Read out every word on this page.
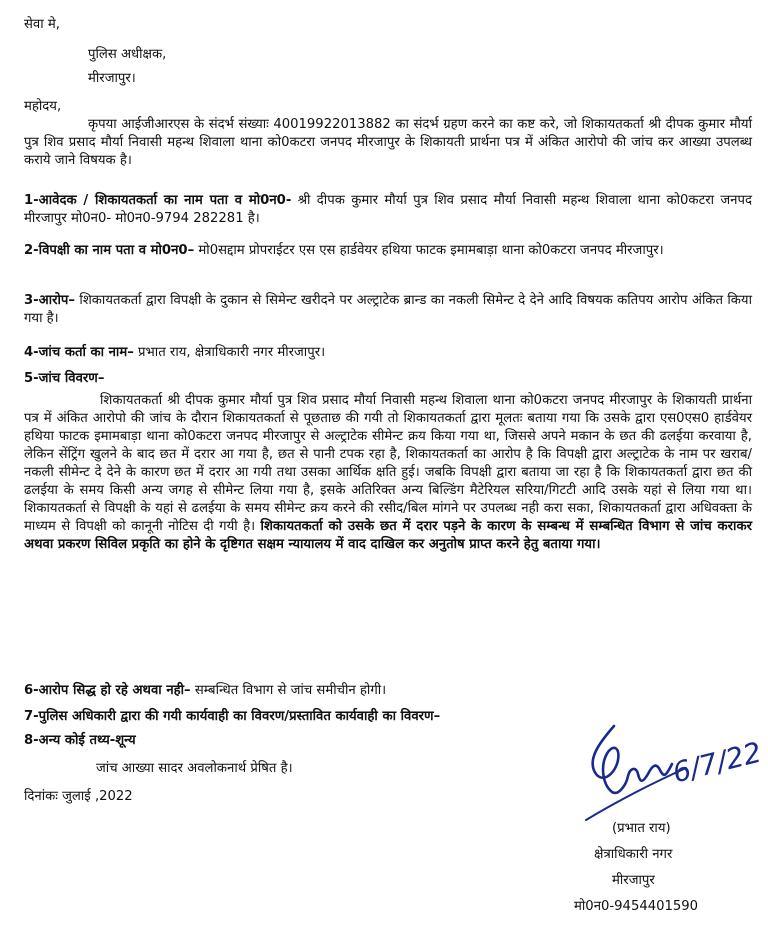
सेवा मे,
पुलिस अधीक्षक,
मीरजापुर।
महोदय,
कृपया आईजीआरएस के संदर्भ संख्याः 40019922013882 का संदर्भ ग्रहण करने का कष्ट करे, जो शिकायतकर्ता श्री दीपक कुमार मौर्या पुत्र शिव प्रसाद मौर्या निवासी महन्थ शिवाला थाना को0कटरा जनपद मीरजापुर के शिकायती प्रार्थना पत्र में अंकित आरोपो की जांच कर आख्या उपलब्ध कराये जाने विषयक है।
1-आवेदक / शिकायतकर्ता का नाम पता व मो0न0- श्री दीपक कुमार मौर्या पुत्र शिव प्रसाद मौर्या निवासी महन्थ शिवाला थाना को0कटरा जनपद मीरजापुर मो0न0- मो0न0-9794 282281 है।
2-विपक्षी का नाम पता व मो0न0– मो0सद्दाम प्रोपराईटर एस एस हार्डवेयर हथिया फाटक इमामबाड़ा थाना को0कटरा जनपद मीरजापुर।
3-आरोप– शिकायतकर्ता द्वारा विपक्षी के दुकान से सिमेन्ट खरीदने पर अल्ट्राटेक ब्रान्ड का नकली सिमेन्ट दे देने आदि विषयक कतिपय आरोप अंकित किया गया है।
4-जांच कर्ता का नाम– प्रभात राय, क्षेत्राधिकारी नगर मीरजापुर।
5-जांच विवरण–
शिकायतकर्ता श्री दीपक कुमार मौर्या पुत्र शिव प्रसाद मौर्या निवासी महन्थ शिवाला थाना को0कटरा जनपद मीरजापुर के शिकायती प्रार्थना पत्र में अंकित आरोपो की जांच के दौरान शिकायतकर्ता से पूछताछ की गयी तो शिकायतकर्ता द्वारा मूलतः बताया गया कि उसके द्वारा एस0एस0 हार्डवेयर हथिया फाटक इमामबाड़ा थाना को0कटरा जनपद मीरजापुर से अल्ट्राटेक सीमेन्ट क्रय किया गया था, जिससे अपने मकान के छत की ढलईया करवाया है, लेकिन सेंट्रिंग खुलने के बाद छत में दरार आ गया है, छत से पानी टपक रहा है, शिकायतकर्ता का आरोप है कि विपक्षी द्वारा अल्ट्राटेक के नाम पर खराब/नकली सीमेन्ट दे देने के कारण छत में दरार आ गयी तथा उसका आर्थिक क्षति हुई। जबकि विपक्षी द्वारा बताया जा रहा है कि शिकायतकर्ता द्वारा छत की ढलईया के समय किसी अन्य जगह से सीमेन्ट लिया गया है, इसके अतिरिक्त अन्य बिल्डिंग मैटेरियल सरिया/गिटटी आदि उसके यहां से लिया गया था। शिकायतकर्ता से विपक्षी के यहां से ढलईया के समय सीमेन्ट क्रय करने की रसीद/बिल मांगने पर उपलब्ध नही करा सका, शिकायतकर्ता द्वारा अधिवक्ता के माध्यम से विपक्षी को कानूनी नोटिस दी गयी है। शिकायतकर्ता को उसके छत में दरार पड़ने के कारण के सम्बन्ध में सम्बन्धित विभाग से जांच कराकर अथवा प्रकरण सिविल प्रकृति का होने के दृष्टिगत सक्षम न्यायालय में वाद दाखिल कर अनुतोष प्राप्त करने हेतु बताया गया।
6-आरोप सिद्ध हो रहे अथवा नही– सम्बन्धित विभाग से जांच समीचीन होगी।
7-पुलिस अधिकारी द्वारा की गयी कार्यवाही का विवरण/प्रस्तावित कार्यवाही का विवरण–
8-अन्य कोई तथ्य-शून्य
जांच आख्या सादर अवलोकनार्थ प्रेषित है।
दिनांकः जुलाई ,2022
6/7/22
(प्रभात राय)
क्षेत्राधिकारी नगर
मीरजापुर
मो0न0-9454401590
